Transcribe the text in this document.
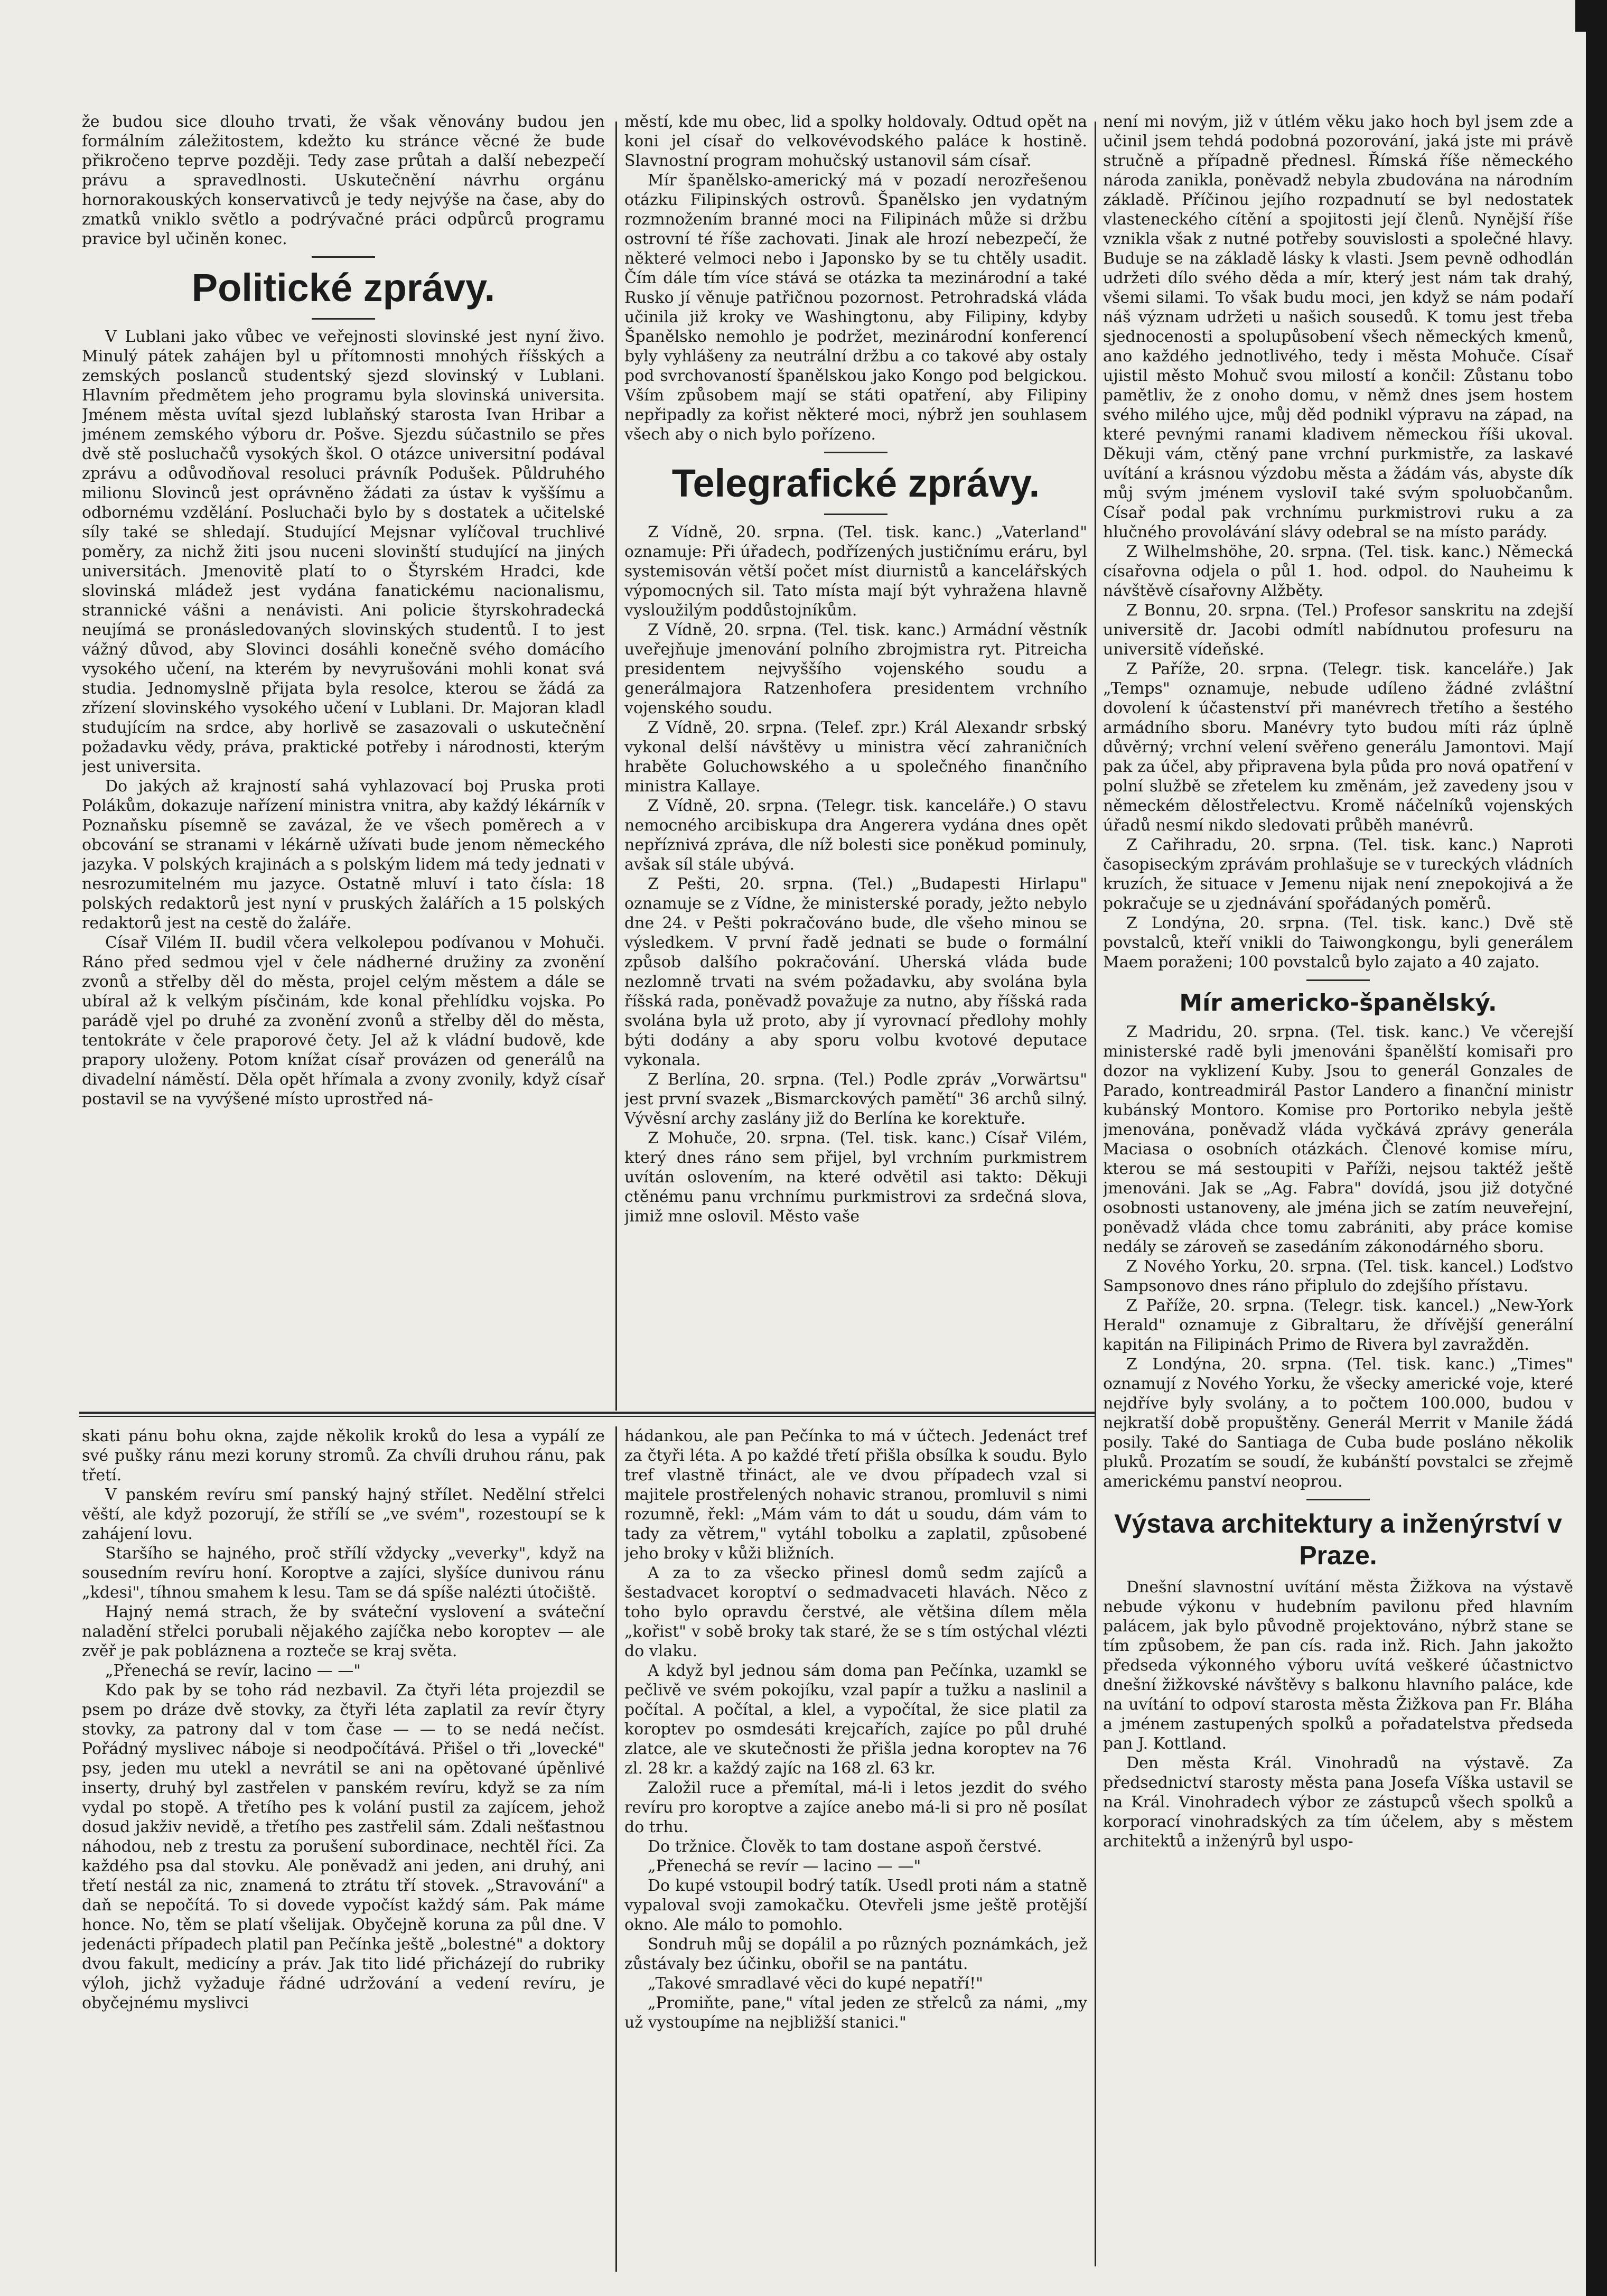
že budou sice dlouho trvati, že však věnovány budou jen formálním záležitostem, kdežto ku stránce věcné že bude přikročeno teprve později. Tedy zase průtah a další nebezpečí právu a spravedlnosti. Uskutečnění návrhu orgánu hornorakouských konservativců je tedy nejvýše na čase, aby do zmatků vniklo světlo a podrývačné práci odpůrců programu pravice byl učiněn konec.

Politické zprávy.

V Lublani jako vůbec ve veřejnosti slovinské jest nyní živo. Minulý pátek zahájen byl u přítomnosti mnohých říšských a zemských poslanců studentský sjezd slovinský v Lublani. Hlavním předmětem jeho programu byla slovinská universita. Jménem města uvítal sjezd lublaňský starosta Ivan Hribar a jménem zemského výboru dr. Pošve. Sjezdu súčastnilo se přes dvě stě posluchačů vysokých škol. O otázce universitní podával zprávu a odůvodňoval resoluci právník Podušek. Půldruhého milionu Slovinců jest oprávněno žádati za ústav k vyššímu a odbornému vzdělání. Posluchači bylo by s dostatek a učitelské síly také se shledají. Studující Mejsnar vylíčoval truchlivé poměry, za nichž žiti jsou nuceni slovinští studující na jiných universitách. Jmenovitě platí to o Štyrském Hradci, kde slovinská mládež jest vydána fanatickému nacionalismu, strannické vášni a nenávisti. Ani policie štyrskohradecká neujímá se pronásledovaných slovinských studentů. I to jest vážný důvod, aby Slovinci dosáhli konečně svého domácího vysokého učení, na kterém by nevyrušováni mohli konat svá studia. Jednomyslně přijata byla resolce, kterou se žádá za zřízení slovinského vysokého učení v Lublani. Dr. Majoran kladl studujícím na srdce, aby horlivě se zasazovali o uskutečnění požadavku vědy, práva, praktické potřeby i národnosti, kterým jest universita.

Do jakých až krajností sahá vyhlazovací boj Pruska proti Polákům, dokazuje nařízení ministra vnitra, aby každý lékárník v Poznaňsku písemně se zavázal, že ve všech poměrech a v obcování se stranami v lékárně užívati bude jenom německého jazyka. V polských krajinách a s polským lidem má tedy jednati v nesrozumitelném mu jazyce. Ostatně mluví i tato čísla: 18 polských redaktorů jest nyní v pruských žalářích a 15 polských redaktorů jest na cestě do žaláře.

Císař Vilém II. budil včera velkolepou podívanou v Mohuči. Ráno před sedmou vjel v čele nádherné družiny za zvonění zvonů a střelby děl do města, projel celým městem a dále se ubíral až k velkým písčinám, kde konal přehlídku vojska. Po parádě vjel po druhé za zvonění zvonů a střelby děl do města, tentokráte v čele praporové čety. Jel až k vládní budově, kde prapory uloženy. Potom knížat císař provázen od generálů na divadelní náměstí. Děla opět hřímala a zvony zvonily, když císař postavil se na vyvýšené místo uprostřed ná-

městí, kde mu obec, lid a spolky holdovaly. Odtud opět na koni jel císař do velkovévodského paláce k hostině. Slavnostní program mohučský ustanovil sám císař.

Mír španělsko-americký má v pozadí nerozřešenou otázku Filipinských ostrovů. Španělsko jen vydatným rozmnožením branné moci na Filipinách může si držbu ostrovní té říše zachovati. Jinak ale hrozí nebezpečí, že některé velmoci nebo i Japonsko by se tu chtěly usadit. Čím dále tím více stává se otázka ta mezinárodní a také Rusko jí věnuje patřičnou pozornost. Petrohradská vláda učinila již kroky ve Washingtonu, aby Filipiny, kdyby Španělsko nemohlo je podržet, mezinárodní konferencí byly vyhlášeny za neutrální držbu a co takové aby ostaly pod svrchovaností španělskou jako Kongo pod belgickou. Vším způsobem mají se státi opatření, aby Filipiny nepřipadly za kořist některé moci, nýbrž jen souhlasem všech aby o nich bylo pořízeno.

Telegrafické zprávy.

Z Vídně, 20. srpna. (Tel. tisk. kanc.) „Vaterland" oznamuje: Při úřadech, podřízených justičnímu eráru, byl systemisován větší počet míst diurnistů a kancelářských výpomocných sil. Tato místa mají být vyhražena hlavně vysloužilým poddůstojníkům.

Z Vídně, 20. srpna. (Tel. tisk. kanc.) Armádní věstník uveřejňuje jmenování polního zbrojmistra ryt. Pitreicha presidentem nejvyššího vojenského soudu a generálmajora Ratzenhofera presidentem vrchního vojenského soudu.

Z Vídně, 20. srpna. (Telef. zpr.) Král Alexandr srbský vykonal delší návštěvy u ministra věcí zahraničních hraběte Goluchowského a u společného finančního ministra Kallaye.

Z Vídně, 20. srpna. (Telegr. tisk. kanceláře.) O stavu nemocného arcibiskupa dra Angerera vydána dnes opět nepříznivá zpráva, dle níž bolesti sice poněkud pominuly, avšak síl stále ubývá.

Z Pešti, 20. srpna. (Tel.) „Budapesti Hirlapu" oznamuje se z Vídne, že ministerské porady, ježto nebylo dne 24. v Pešti pokračováno bude, dle všeho minou se výsledkem. V první řadě jednati se bude o formální způsob dalšího pokračování. Uherská vláda bude nezlomně trvati na svém požadavku, aby svolána byla říšská rada, poněvadž považuje za nutno, aby říšská rada svolána byla už proto, aby jí vyrovnací předlohy mohly býti dodány a aby sporu volbu kvotové deputace vykonala.

Z Berlína, 20. srpna. (Tel.) Podle zpráv „Vorwärtsu" jest první svazek „Bismarckových pamětí" 36 archů silný. Vývěsní archy zaslány již do Berlína ke korektuře.

Z Mohuče, 20. srpna. (Tel. tisk. kanc.) Císař Vilém, který dnes ráno sem přijel, byl vrchním purkmistrem uvítán oslovením, na které odvětil asi takto: Děkuji ctěnému panu vrchnímu purkmistrovi za srdečná slova, jimiž mne oslovil. Město vaše

není mi novým, již v útlém věku jako hoch byl jsem zde a učinil jsem tehdá podobná pozorování, jaká jste mi právě stručně a případně přednesl. Římská říše německého národa zanikla, poněvadž nebyla zbudována na národním základě. Příčinou jejího rozpadnutí se byl nedostatek vlasteneckého cítění a spojitosti její členů. Nynější říše vznikla však z nutné potřeby souvislosti a společné hlavy. Buduje se na základě lásky k vlasti. Jsem pevně odhodlán udržeti dílo svého děda a mír, který jest nám tak drahý, všemi silami. To však budu moci, jen když se nám podaří náš význam udržeti u našich sousedů. K tomu jest třeba sjednocenosti a spolupůsobení všech německých kmenů, ano každého jednotlivého, tedy i města Mohuče. Císař ujistil město Mohuč svou milostí a končil: Zůstanu tobo pamětliv, že z onoho domu, v němž dnes jsem hostem svého milého ujce, můj děd podnikl výpravu na západ, na které pevnými ranami kladivem německou říši ukoval. Děkuji vám, ctěný pane vrchní purkmistře, za laskavé uvítání a krásnou výzdobu města a žádám vás, abyste dík můj svým jménem vysloviI také svým spoluobčanům. Císař podal pak vrchnímu purkmistrovi ruku a za hlučného provolávání slávy odebral se na místo parády.

Z Wilhelmshöhe, 20. srpna. (Tel. tisk. kanc.) Německá císařovna odjela o půl 1. hod. odpol. do Nauheimu k návštěvě císařovny Alžběty.

Z Bonnu, 20. srpna. (Tel.) Profesor sanskritu na zdejší universitě dr. Jacobi odmítl nabídnutou profesuru na universitě vídeňské.

Z Paříže, 20. srpna. (Telegr. tisk. kanceláře.) Jak „Temps" oznamuje, nebude udíleno žádné zvláštní dovolení k účastenství při manévrech třetího a šestého armádního sboru. Manévry tyto budou míti ráz úplně důvěrný; vrchní velení svěřeno generálu Jamontovi. Mají pak za účel, aby připravena byla půda pro nová opatření v polní službě se zřetelem ku změnám, jež zavedeny jsou v německém dělostřelectvu. Kromě náčelníků vojenských úřadů nesmí nikdo sledovati průběh manévrů.

Z Cařihradu, 20. srpna. (Tel. tisk. kanc.) Naproti časopiseckým zprávám prohlašuje se v tureckých vládních kruzích, že situace v Jemenu nijak není znepokojivá a že pokračuje se u zjednávání spořádaných poměrů.

Z Londýna, 20. srpna. (Tel. tisk. kanc.) Dvě stě povstalců, kteří vnikli do Taiwongkongu, byli generálem Maem poraženi; 100 povstalců bylo zajato a 40 zajato.

Mír americko-španělský.

Z Madridu, 20. srpna. (Tel. tisk. kanc.) Ve včerejší ministerské radě byli jmenováni španělští komisaři pro dozor na vyklizení Kuby. Jsou to generál Gonzales de Parado, kontreadmirál Pastor Landero a finanční ministr kubánský Montoro. Komise pro Portoriko nebyla ještě jmenována, poněvadž vláda vyčkává zprávy generála Maciasa o osobních otázkách. Členové komise míru, kterou se má sestoupiti v Paříži, nejsou taktéž ještě jmenováni. Jak se „Ag. Fabra" dovídá, jsou již dotyčné osobnosti ustanoveny, ale jména jich se zatím neuveřejní, poněvadž vláda chce tomu zabrániti, aby práce komise nedály se zároveň se zasedáním zákonodárného sboru.

Z Nového Yorku, 20. srpna. (Tel. tisk. kancel.) Loďstvo Sampsonovo dnes ráno připlulo do zdejšího přístavu.

Z Paříže, 20. srpna. (Telegr. tisk. kancel.) „New-York Herald" oznamuje z Gibraltaru, že dřívější generální kapitán na Filipinách Primo de Rivera byl zavražděn.

Z Londýna, 20. srpna. (Tel. tisk. kanc.) „Times" oznamují z Nového Yorku, že všecky americké voje, které nejdříve byly svolány, a to počtem 100.000, budou v nejkratší době propuštěny. Generál Merrit v Manile žádá posily. Také do Santiaga de Cuba bude posláno několik pluků. Prozatím se soudí, že kubánští povstalci se zřejmě americkému panství neoprou.

Výstava architektury a inženýrství v Praze.

Dnešní slavnostní uvítání města Žižkova na výstavě nebude výkonu v hudebním pavilonu před hlavním palácem, jak bylo původně projektováno, nýbrž stane se tím způsobem, že pan cís. rada inž. Rich. Jahn jakožto předseda výkonného výboru uvítá veškeré účastnictvo dnešní žižkovské návštěvy s balkonu hlavního paláce, kde na uvítání to odpoví starosta města Žižkova pan Fr. Bláha a jménem zastupených spolků a pořadatelstva předseda pan J. Kottland.

Den města Král. Vinohradů na výstavě. Za předsednictví starosty města pana Josefa Víška ustavil se na Král. Vinohradech výbor ze zástupců všech spolků a korporací vinohradských za tím účelem, aby s městem architektů a inženýrů byl uspo-

skati pánu bohu okna, zajde několik kroků do lesa a vypálí ze své pušky ránu mezi koruny stromů. Za chvíli druhou ránu, pak třetí.

V panském revíru smí panský hajný střílet. Nedělní střelci věští, ale když pozorují, že střílí se „ve svém", rozestoupí se k zahájení lovu.

Staršího se hajného, proč střílí vždycky „veverky", když na sousedním revíru honí. Koroptve a zajíci, slyšíce dunivou ránu „kdesi", tíhnou smahem k lesu. Tam se dá spíše nalézti útočiště.

Hajný nemá strach, že by sváteční vyslovení a sváteční naladění střelci porubali nějakého zajíčka nebo koroptev — ale zvěř je pak pobláznena a rozteče se kraj světa.

„Přenechá se revír, lacino — —"

Kdo pak by se toho rád nezbavil. Za čtyři léta projezdil se psem po dráze dvě stovky, za čtyři léta zaplatil za revír čtyry stovky, za patrony dal v tom čase — — to se nedá nečíst. Pořádný myslivec náboje si neodpočítává. Přišel o tři „lovecké" psy, jeden mu utekl a nevrátil se ani na opětované úpěnlivé inserty, druhý byl zastřelen v panském revíru, když se za ním vydal po stopě. A třetího pes k volání pustil za zajícem, jehož dosud jakživ nevidě, a třetího pes zastřelil sám. Zdali nešťastnou náhodou, neb z trestu za porušení subordinace, nechtěl říci. Za každého psa dal stovku. Ale poněvadž ani jeden, ani druhý, ani třetí nestál za nic, znamená to ztrátu tří stovek. „Stravování" a daň se nepočítá. To si dovede vypočíst každý sám. Pak máme honce. No, těm se platí všelijak. Obyčejně koruna za půl dne. V jedenácti případech platil pan Pečínka ještě „bolestné" a doktory dvou fakult, medicíny a práv. Jak tito lidé přicházejí do rubriky výloh, jichž vyžaduje řádné udržování a vedení revíru, je obyčejnému myslivci

hádankou, ale pan Pečínka to má v účtech. Jedenáct tref za čtyři léta. A po každé třetí přišla obsílka k soudu. Bylo tref vlastně třináct, ale ve dvou případech vzal si majitele prostřelených nohavic stranou, promluvil s nimi rozumně, řekl: „Mám vám to dát u soudu, dám vám to tady za větrem," vytáhl tobolku a zaplatil, způsobené jeho broky v kůži bližních.

A za to za všecko přinesl domů sedm zajíců a šestadvacet koroptví o sedmadvaceti hlavách. Něco z toho bylo opravdu čerstvé, ale většina dílem měla „kořist" v sobě broky tak staré, že se s tím ostýchal vlézti do vlaku.

A když byl jednou sám doma pan Pečínka, uzamkl se pečlivě ve svém pokojíku, vzal papír a tužku a naslinil a počítal. A počítal, a klel, a vypočítal, že sice platil za koroptev po osmdesáti krejcařích, zajíce po půl druhé zlatce, ale ve skutečnosti že přišla jedna koroptev na 76 zl. 28 kr. a každý zajíc na 168 zl. 63 kr.

Založil ruce a přemítal, má-li i letos jezdit do svého revíru pro koroptve a zajíce anebo má-li si pro ně posílat do trhu.

Do tržnice. Člověk to tam dostane aspoň čerstvé.

„Přenechá se revír — lacino — —"

Do kupé vstoupil bodrý tatík. Usedl proti nám a statně vypaloval svoji zamokačku. Otevřeli jsme ještě protější okno. Ale málo to pomohlo.

Sondruh můj se dopálil a po různých poznámkách, jež zůstávaly bez účinku, obořil se na pantátu.

„Takové smradlavé věci do kupé nepatří!"

„Promiňte, pane," vítal jeden ze střelců za námi, „my už vystoupíme na nejbližší stanici."
